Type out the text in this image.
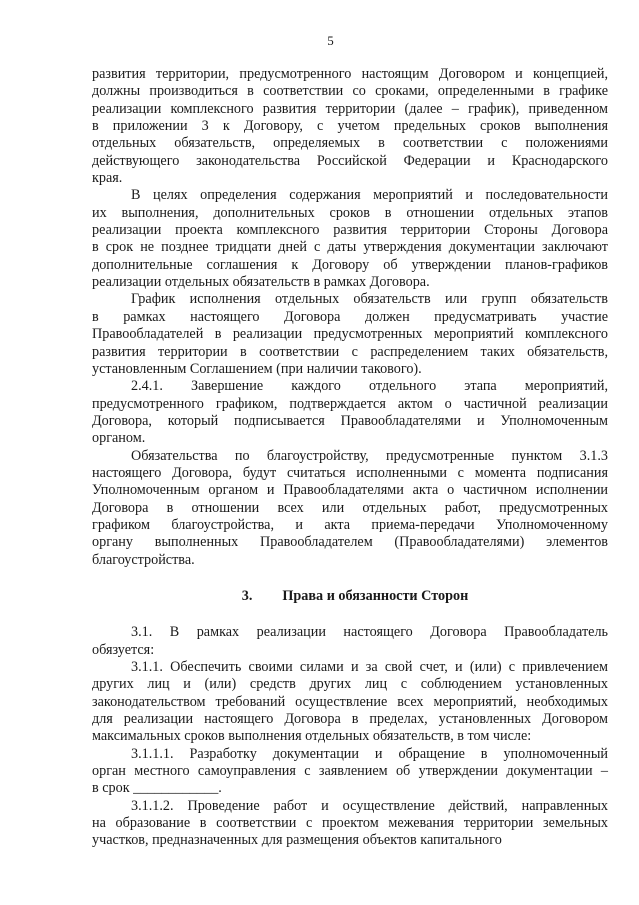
5
развития территории, предусмотренного настоящим Договором и концепцией,
должны производиться в соответствии со сроками, определенными в графике
реализации комплексного развития территории (далее – график), приведенном
в приложении 3 к Договору, с учетом предельных сроков выполнения
отдельных обязательств, определяемых в соответствии с положениями
действующего законодательства Российской Федерации и Краснодарского
края.
В целях определения содержания мероприятий и последовательности
их выполнения, дополнительных сроков в отношении отдельных этапов
реализации проекта комплексного развития территории Стороны Договора
в срок не позднее тридцати дней с даты утверждения документации заключают
дополнительные соглашения к Договору об утверждении планов-графиков
реализации отдельных обязательств в рамках Договора.
График исполнения отдельных обязательств или групп обязательств
в рамках настоящего Договора должен предусматривать участие
Правообладателей в реализации предусмотренных мероприятий комплексного
развития территории в соответствии с распределением таких обязательств,
установленным Соглашением (при наличии такового).
2.4.1. Завершение каждого отдельного этапа мероприятий,
предусмотренного графиком, подтверждается актом о частичной реализации
Договора, который подписывается Правообладателями и Уполномоченным
органом.
Обязательства по благоустройству, предусмотренные пунктом 3.1.3
настоящего Договора, будут считаться исполненными с момента подписания
Уполномоченным органом и Правообладателями акта о частичном исполнении
Договора в отношении всех или отдельных работ, предусмотренных
графиком благоустройства, и акта приема-передачи Уполномоченному
органу выполненных Правообладателем (Правообладателями) элементов
благоустройства.
3. Права и обязанности Сторон
3.1. В рамках реализации настоящего Договора Правообладатель
обязуется:
3.1.1. Обеспечить своими силами и за свой счет, и (или) с привлечением
других лиц и (или) средств других лиц с соблюдением установленных
законодательством требований осуществление всех мероприятий, необходимых
для реализации настоящего Договора в пределах, установленных Договором
максимальных сроков выполнения отдельных обязательств, в том числе:
3.1.1.1. Разработку документации и обращение в уполномоченный
орган местного самоуправления с заявлением об утверждении документации –
в срок ____________.
3.1.1.2. Проведение работ и осуществление действий, направленных
на образование в соответствии с проектом межевания территории земельных
участков, предназначенных для размещения объектов капитального
